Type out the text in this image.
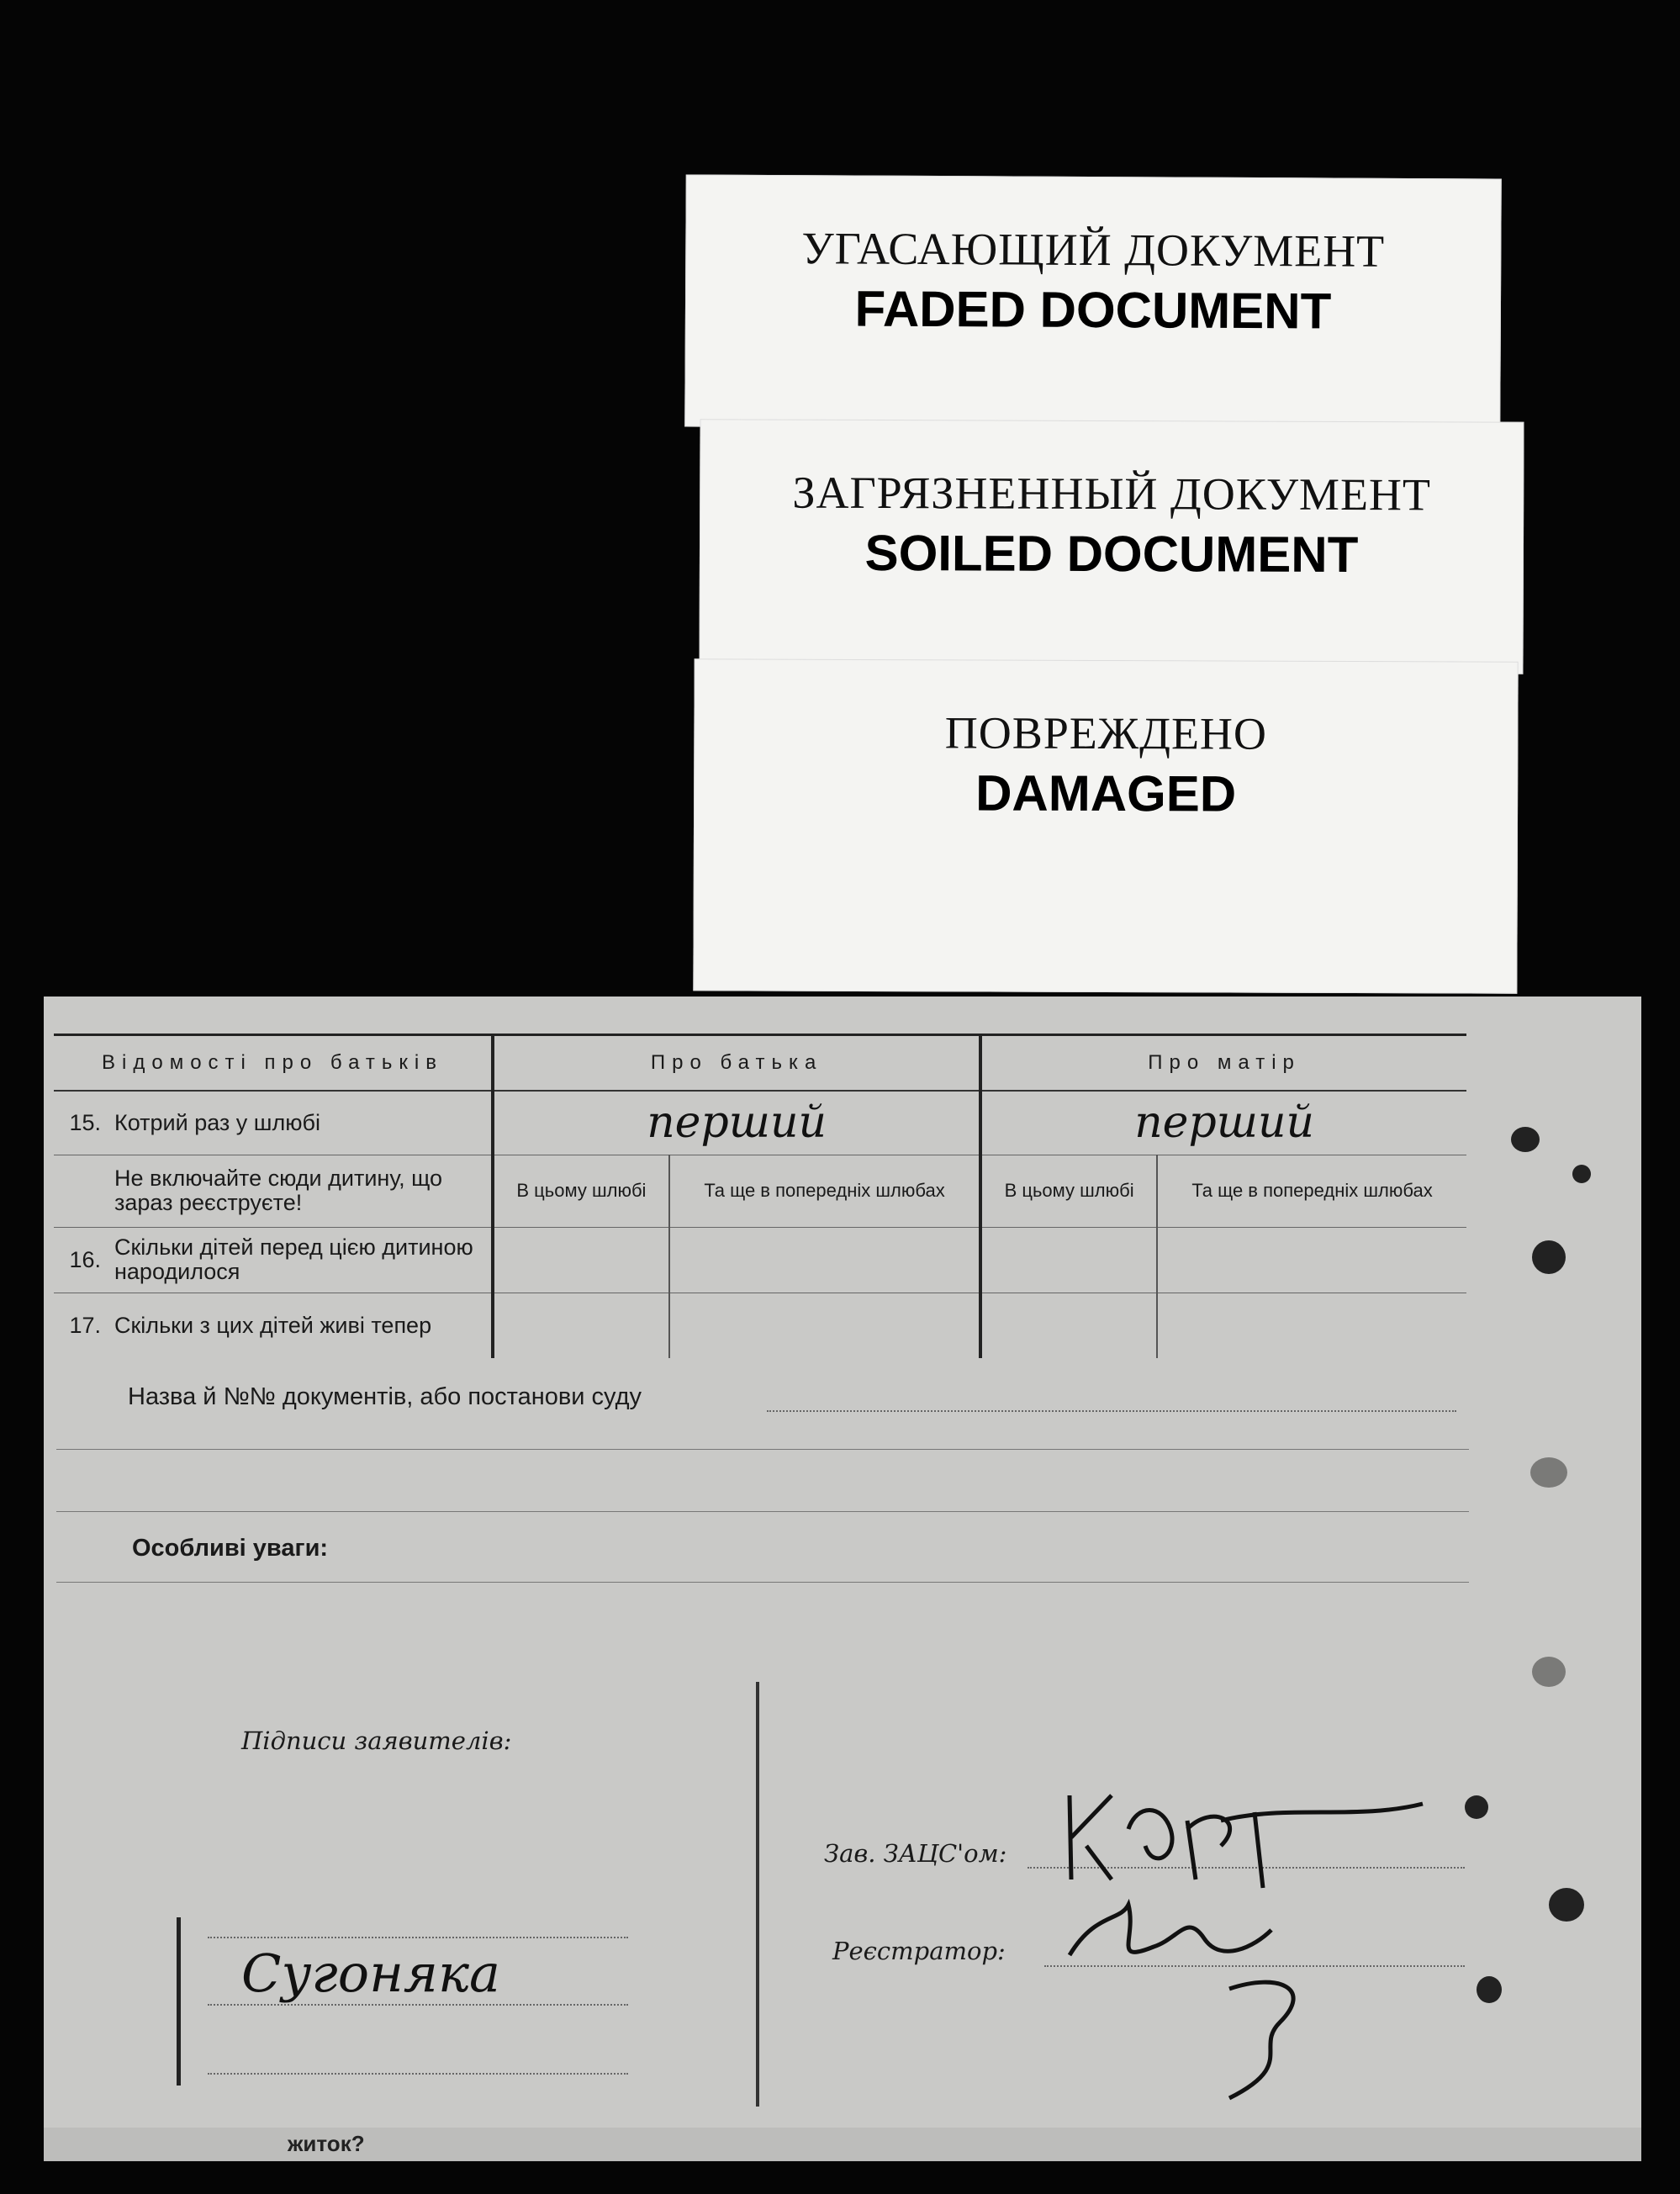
УГАСАЮЩИЙ ДОКУМЕНТ
FADED DOCUMENT
ЗАГРЯЗНЕННЫЙ ДОКУМЕНТ
SOILED DOCUMENT
ПОВРЕЖДЕНО
DAMAGED
Відомості про батьків		Про батька		Про матір	
15.	Котрий раз у шлюбі	перший		перший	
	Не включайте сюди дитину, що зараз реєструєте!	В цьому шлюбі	Та ще в попередніх шлюбах	В цьому шлюбі	Та ще в попередніх шлюбах
16.	Скільки дітей перед цією дитиною народилося				
17.	Скільки з цих дітей живі тепер				
Назва й №№ документів, або постанови суду
Особливі уваги:
Підписи заявителів:
Сугоняка
Зав. ЗАЦС'ом:
Реєстратор:
житок?
